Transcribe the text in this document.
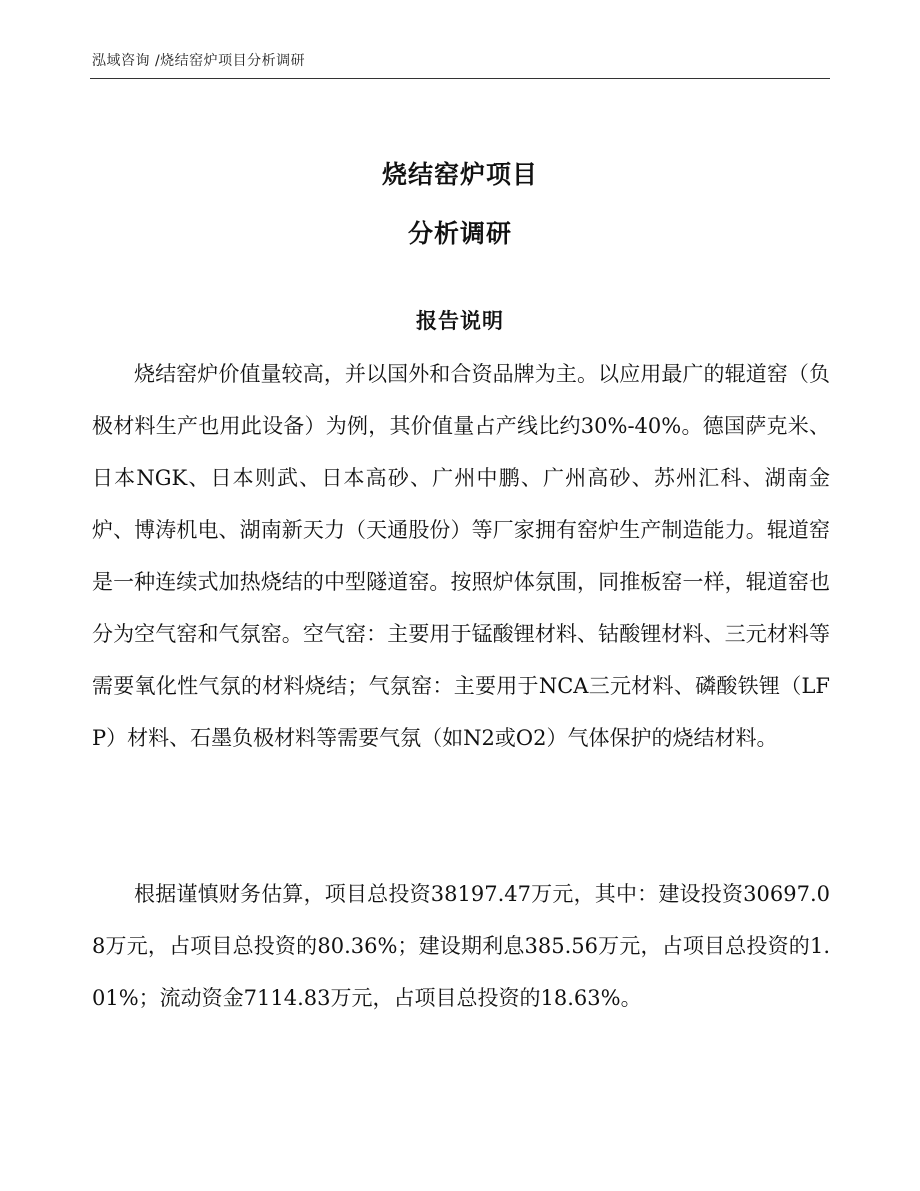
泓域咨询 /烧结窑炉项目分析调研
烧结窑炉项目
分析调研
报告说明

烧结窑炉价值量较高，并以国外和合资品牌为主。以应用最广的辊道窑（负极材料生产也用此设备）为例，其价值量占产线比约30%-40%。德国萨克米、日本NGK、日本则武、日本高砂、广州中鹏、广州高砂、苏州汇科、湖南金炉、博涛机电、湖南新天力（天通股份）等厂家拥有窑炉生产制造能力。辊道窑是一种连续式加热烧结的中型隧道窑。按照炉体氛围，同推板窑一样，辊道窑也分为空气窑和气氛窑。空气窑：主要用于锰酸锂材料、钴酸锂材料、三元材料等需要氧化性气氛的材料烧结；气氛窑：主要用于NCA三元材料、磷酸铁锂（LFP）材料、石墨负极材料等需要气氛（如N2或O2）气体保护的烧结材料。

根据谨慎财务估算，项目总投资38197.47万元，其中：建设投资30697.08万元，占项目总投资的80.36%；建设期利息385.56万元，占项目总投资的1.01%；流动资金7114.83万元，占项目总投资的18.63%。
